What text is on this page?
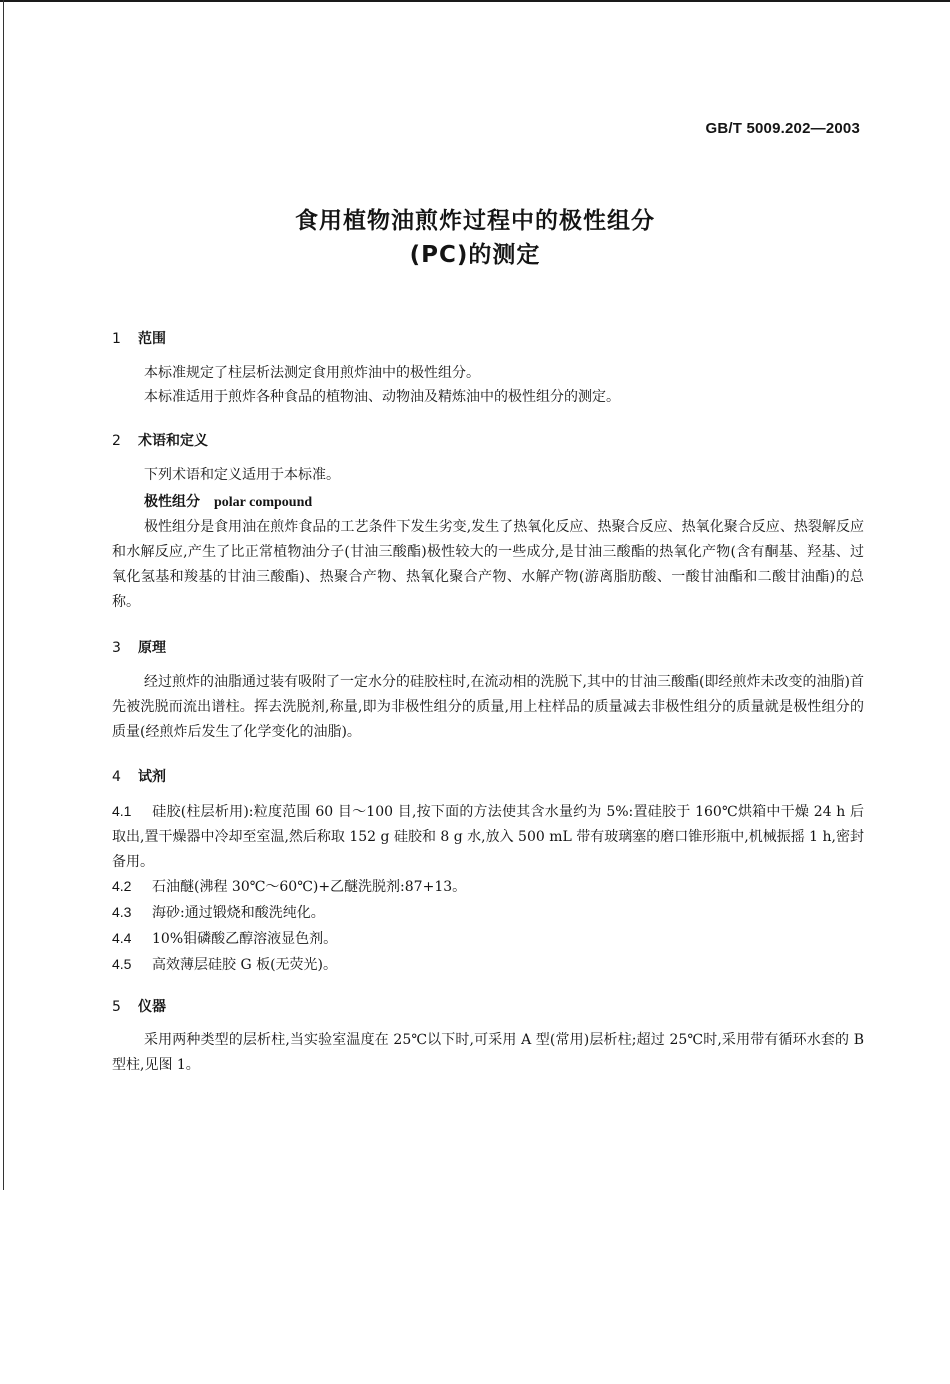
GB/T 5009.202—2003
食用植物油煎炸过程中的极性组分
(PC)的测定
1 范围

本标准规定了柱层析法测定食用煎炸油中的极性组分。

本标准适用于煎炸各种食品的植物油、动物油及精炼油中的极性组分的测定。

2 术语和定义

下列术语和定义适用于本标准。

极性组分 polar compound

极性组分是食用油在煎炸食品的工艺条件下发生劣变,发生了热氧化反应、热聚合反应、热氧化聚合反应、热裂解反应和水解反应,产生了比正常植物油分子(甘油三酸酯)极性较大的一些成分,是甘油三酸酯的热氧化产物(含有酮基、羟基、过氧化氢基和羧基的甘油三酸酯)、热聚合产物、热氧化聚合产物、水解产物(游离脂肪酸、一酸甘油酯和二酸甘油酯)的总称。

3 原理

经过煎炸的油脂通过装有吸附了一定水分的硅胶柱时,在流动相的洗脱下,其中的甘油三酸酯(即经煎炸未改变的油脂)首先被洗脱而流出谱柱。挥去洗脱剂,称量,即为非极性组分的质量,用上柱样品的质量减去非极性组分的质量就是极性组分的质量(经煎炸后发生了化学变化的油脂)。

4 试剂

4.1 硅胶(柱层析用):粒度范围 60 目～100 目,按下面的方法使其含水量约为 5%:置硅胶于 160℃烘箱中干燥 24 h 后取出,置干燥器中冷却至室温,然后称取 152 g 硅胶和 8 g 水,放入 500 mL 带有玻璃塞的磨口锥形瓶中,机械振摇 1 h,密封备用。

4.2 石油醚(沸程 30℃～60℃)+乙醚洗脱剂:87+13。

4.3 海砂:通过锻烧和酸洗纯化。

4.4 10%钼磷酸乙醇溶液显色剂。

4.5 高效薄层硅胶 G 板(无荧光)。

5 仪器

采用两种类型的层析柱,当实验室温度在 25℃以下时,可采用 A 型(常用)层析柱;超过 25℃时,采用带有循环水套的 B 型柱,见图 1。
